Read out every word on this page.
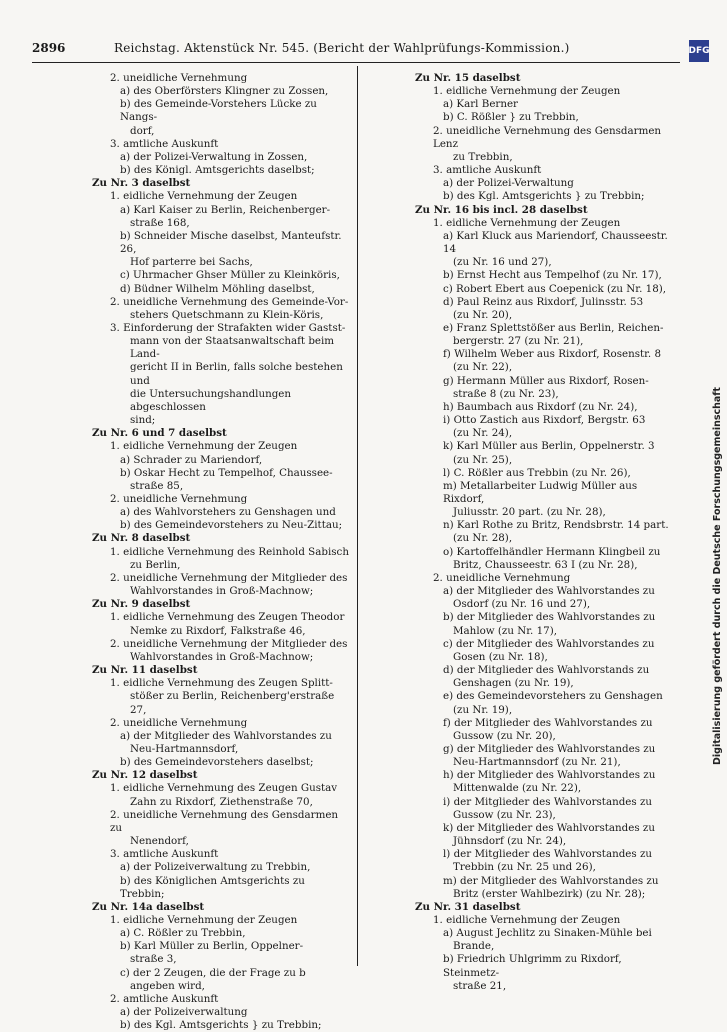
2896	Reichstag. Aktenstück Nr. 545. (Bericht der Wahlprüfungs-Kommission.)	DFG
Digitalisierung gefördert durch die Deutsche Forschungsgemeinschaft
2. uneidliche Vernehmung
a) des Oberförsters Klingner zu Zossen,
b) des Gemeinde-Vorstehers Lücke zu Nangs-
dorf,
3. amtliche Auskunft
a) der Polizei-Verwaltung in Zossen,
b) des Königl. Amtsgerichts daselbst;
Zu Nr. 3 daselbst
1. eidliche Vernehmung der Zeugen
a) Karl Kaiser zu Berlin, Reichenberger-
straße 168,
b) Schneider Mische daselbst, Manteufstr. 26,
Hof parterre bei Sachs,
c) Uhrmacher Ghser Müller zu Kleinköris,
d) Büdner Wilhelm Möhling daselbst,
2. uneidliche Vernehmung des Gemeinde-Vor-
stehers Quetschmann zu Klein-Köris,
3. Einforderung der Strafakten wider Gastst-
mann von der Staatsanwaltschaft beim Land-
gericht II in Berlin, falls solche bestehen und
die Untersuchungshandlungen abgeschlossen
sind;
Zu Nr. 6 und 7 daselbst
1. eidliche Vernehmung der Zeugen
a) Schrader zu Mariendorf,
b) Oskar Hecht zu Tempelhof, Chaussee-
straße 85,
2. uneidliche Vernehmung
a) des Wahlvorstehers zu Genshagen und
b) des Gemeindevorstehers zu Neu-Zittau;
Zu Nr. 8 daselbst
1. eidliche Vernehmung des Reinhold Sabisch
zu Berlin,
2. uneidliche Vernehmung der Mitglieder des
Wahlvorstandes in Groß-Machnow;
Zu Nr. 9 daselbst
1. eidliche Vernehmung des Zeugen Theodor
Nemke zu Rixdorf, Falkstraße 46,
2. uneidliche Vernehmung der Mitglieder des
Wahlvorstandes in Groß-Machnow;
Zu Nr. 11 daselbst
1. eidliche Vernehmung des Zeugen Splitt-
stößer zu Berlin, Reichenberg'erstraße 27,
2. uneidliche Vernehmung
a) der Mitglieder des Wahlvorstandes zu
Neu-Hartmannsdorf,
b) des Gemeindevorstehers daselbst;
Zu Nr. 12 daselbst
1. eidliche Vernehmung des Zeugen Gustav
Zahn zu Rixdorf, Ziethenstraße 70,
2. uneidliche Vernehmung des Gensdarmen zu
Nenendorf,
3. amtliche Auskunft
a) der Polizeiverwaltung zu Trebbin,
b) des Königlichen Amtsgerichts zu Trebbin;
Zu Nr. 14a daselbst
1. eidliche Vernehmung der Zeugen
a) C. Rößler zu Trebbin,
b) Karl Müller zu Berlin, Oppelner-
straße 3,
c) der 2 Zeugen, die der Frage zu b
angeben wird,
2. amtliche Auskunft
a) der Polizeiverwaltung
b) des Kgl. Amtsgerichts } zu Trebbin;
Zu Nr. 15 daselbst
1. eidliche Vernehmung der Zeugen
a) Karl Berner
b) C. Rößler } zu Trebbin,
2. uneidliche Vernehmung des Gensdarmen Lenz
zu Trebbin,
3. amtliche Auskunft
a) der Polizei-Verwaltung
b) des Kgl. Amtsgerichts } zu Trebbin;
Zu Nr. 16 bis incl. 28 daselbst
1. eidliche Vernehmung der Zeugen
a) Karl Kluck aus Mariendorf, Chausseestr. 14
(zu Nr. 16 und 27),
b) Ernst Hecht aus Tempelhof (zu Nr. 17),
c) Robert Ebert aus Coepenick (zu Nr. 18),
d) Paul Reinz aus Rixdorf, Julinsstr. 53
(zu Nr. 20),
e) Franz Splettstößer aus Berlin, Reichen-
bergerstr. 27 (zu Nr. 21),
f) Wilhelm Weber aus Rixdorf, Rosenstr. 8
(zu Nr. 22),
g) Hermann Müller aus Rixdorf, Rosen-
straße 8 (zu Nr. 23),
h) Baumbach aus Rixdorf (zu Nr. 24),
i) Otto Zastich aus Rixdorf, Bergstr. 63
(zu Nr. 24),
k) Karl Müller aus Berlin, Oppelnerstr. 3
(zu Nr. 25),
l) C. Rößler aus Trebbin (zu Nr. 26),
m) Metallarbeiter Ludwig Müller aus Rixdorf,
Juliusstr. 20 part. (zu Nr. 28),
n) Karl Rothe zu Britz, Rendsbrstr. 14 part.
(zu Nr. 28),
o) Kartoffelhändler Hermann Klingbeil zu
Britz, Chausseestr. 63 I (zu Nr. 28),
2. uneidliche Vernehmung
a) der Mitglieder des Wahlvorstandes zu
Osdorf (zu Nr. 16 und 27),
b) der Mitglieder des Wahlvorstandes zu
Mahlow (zu Nr. 17),
c) der Mitglieder des Wahlvorstandes zu
Gosen (zu Nr. 18),
d) der Mitglieder des Wahlvorstands zu
Genshagen (zu Nr. 19),
e) des Gemeindevorstehers zu Genshagen
(zu Nr. 19),
f) der Mitglieder des Wahlvorstandes zu
Gussow (zu Nr. 20),
g) der Mitglieder des Wahlvorstandes zu
Neu-Hartmannsdorf (zu Nr. 21),
h) der Mitglieder des Wahlvorstandes zu
Mittenwalde (zu Nr. 22),
i) der Mitglieder des Wahlvorstandes zu
Gussow (zu Nr. 23),
k) der Mitglieder des Wahlvorstandes zu
Jühnsdorf (zu Nr. 24),
l) der Mitglieder des Wahlvorstandes zu
Trebbin (zu Nr. 25 und 26),
m) der Mitglieder des Wahlvorstandes zu
Britz (erster Wahlbezirk) (zu Nr. 28);
Zu Nr. 31 daselbst
1. eidliche Vernehmung der Zeugen
a) August Jechlitz zu Sinaken-Mühle bei
Brande,
b) Friedrich Uhlgrimm zu Rixdorf, Steinmetz-
straße 21,
